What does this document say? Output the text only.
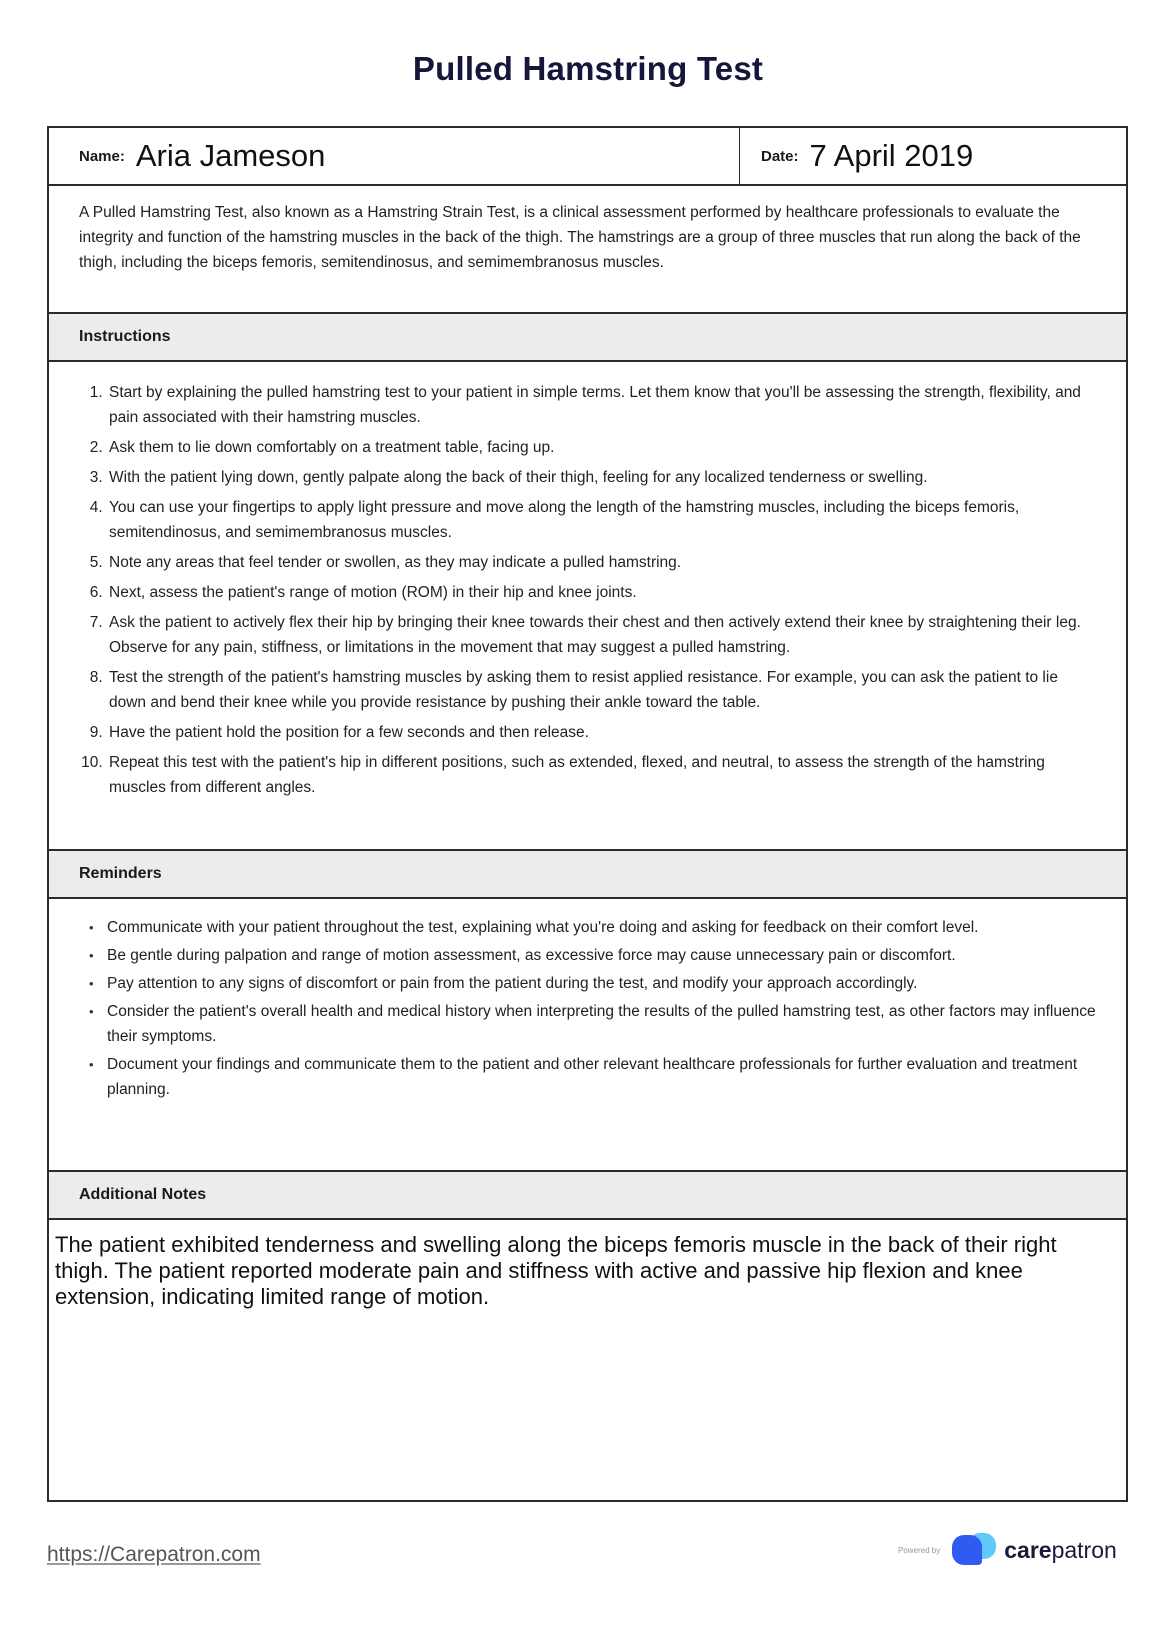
Pulled Hamstring Test
Name: Aria Jameson	Date: 7 April 2019
A Pulled Hamstring Test, also known as a Hamstring Strain Test, is a clinical assessment performed by healthcare professionals to evaluate the integrity and function of the hamstring muscles in the back of the thigh. The hamstrings are a group of three muscles that run along the back of the thigh, including the biceps femoris, semitendinosus, and semimembranosus muscles.
Instructions
1. Start by explaining the pulled hamstring test to your patient in simple terms. Let them know that you'll be assessing the strength, flexibility, and pain associated with their hamstring muscles.
2. Ask them to lie down comfortably on a treatment table, facing up.
3. With the patient lying down, gently palpate along the back of their thigh, feeling for any localized tenderness or swelling.
4. You can use your fingertips to apply light pressure and move along the length of the hamstring muscles, including the biceps femoris, semitendinosus, and semimembranosus muscles.
5. Note any areas that feel tender or swollen, as they may indicate a pulled hamstring.
6. Next, assess the patient's range of motion (ROM) in their hip and knee joints.
7. Ask the patient to actively flex their hip by bringing their knee towards their chest and then actively extend their knee by straightening their leg. Observe for any pain, stiffness, or limitations in the movement that may suggest a pulled hamstring.
8. Test the strength of the patient's hamstring muscles by asking them to resist applied resistance. For example, you can ask the patient to lie down and bend their knee while you provide resistance by pushing their ankle toward the table.
9. Have the patient hold the position for a few seconds and then release.
10. Repeat this test with the patient's hip in different positions, such as extended, flexed, and neutral, to assess the strength of the hamstring muscles from different angles.
Reminders
• Communicate with your patient throughout the test, explaining what you're doing and asking for feedback on their comfort level.
• Be gentle during palpation and range of motion assessment, as excessive force may cause unnecessary pain or discomfort.
• Pay attention to any signs of discomfort or pain from the patient during the test, and modify your approach accordingly.
• Consider the patient's overall health and medical history when interpreting the results of the pulled hamstring test, as other factors may influence their symptoms.
• Document your findings and communicate them to the patient and other relevant healthcare professionals for further evaluation and treatment planning.
Additional Notes
The patient exhibited tenderness and swelling along the biceps femoris muscle in the back of their right thigh. The patient reported moderate pain and stiffness with active and passive hip flexion and knee extension, indicating limited range of motion.
https://Carepatron.com	Powered by	carepatron
